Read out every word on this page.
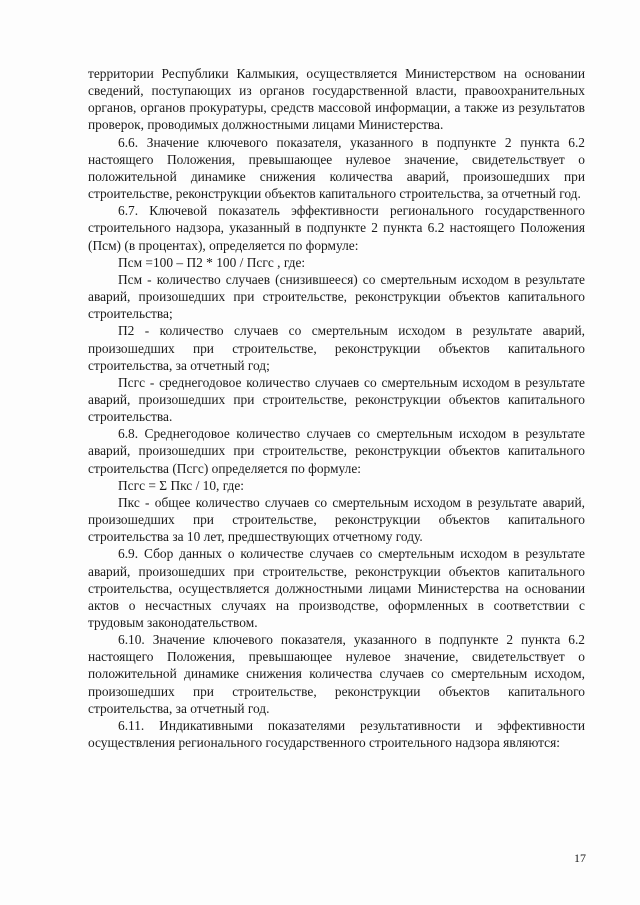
территории Республики Калмыкия, осуществляется Министерством на основании сведений, поступающих из органов государственной власти, правоохранительных органов, органов прокуратуры, средств массовой информации, а также из результатов проверок, проводимых должностными лицами Министерства.

6.6. Значение ключевого показателя, указанного в подпункте 2 пункта 6.2 настоящего Положения, превышающее нулевое значение, свидетельствует о положительной динамике снижения количества аварий, произошедших при строительстве, реконструкции объектов капитального строительства, за отчетный год.

6.7. Ключевой показатель эффективности регионального государственного строительного надзора, указанный в подпункте 2 пункта 6.2 настоящего Положения (Псм) (в процентах), определяется по формуле:

Псм =100 – П2 * 100 / Псгс , где:

Псм - количество случаев (снизившееся) со смертельным исходом в результате аварий, произошедших при строительстве, реконструкции объектов капитального строительства;

П2 - количество случаев со смертельным исходом в результате аварий, произошедших при строительстве, реконструкции объектов капитального строительства, за отчетный год;

Псгс - среднегодовое количество случаев со смертельным исходом в результате аварий, произошедших при строительстве, реконструкции объектов капитального строительства.

6.8. Среднегодовое количество случаев со смертельным исходом в результате аварий, произошедших при строительстве, реконструкции объектов капитального строительства (Псгс) определяется по формуле:

Псгс = Σ Пкс / 10, где:

Пкс - общее количество случаев со смертельным исходом в результате аварий, произошедших при строительстве, реконструкции объектов капитального строительства за 10 лет, предшествующих отчетному году.

6.9. Сбор данных о количестве случаев со смертельным исходом в результате аварий, произошедших при строительстве, реконструкции объектов капитального строительства, осуществляется должностными лицами Министерства на основании актов о несчастных случаях на производстве, оформленных в соответствии с трудовым законодательством.

6.10. Значение ключевого показателя, указанного в подпункте 2 пункта 6.2 настоящего Положения, превышающее нулевое значение, свидетельствует о положительной динамике снижения количества случаев со смертельным исходом, произошедших при строительстве, реконструкции объектов капитального строительства, за отчетный год.

6.11. Индикативными показателями результативности и эффективности осуществления регионального государственного строительного надзора являются:

17
